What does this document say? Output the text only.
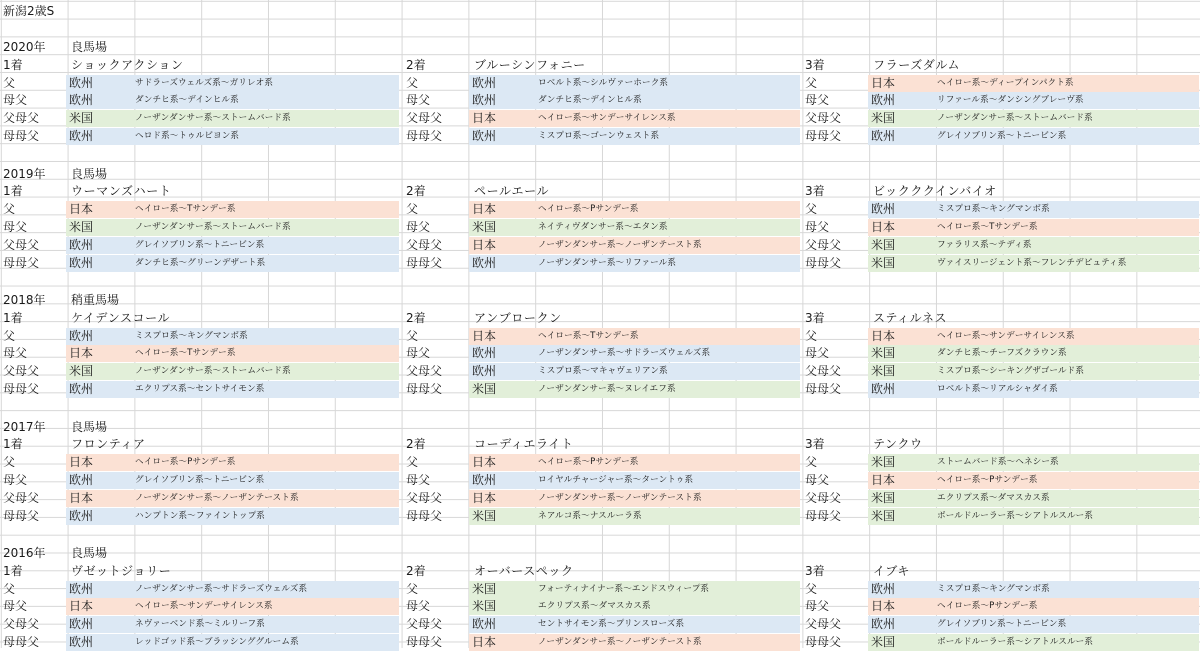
新潟2歳S
2020年 良馬場
1着	ショックアクション
父	欧州	サドラーズウェルズ系～ガリレオ系
母父	欧州	ダンチヒ系～デインヒル系
父母父 米国	ノーザンダンサー系～ストームバード系
母母父 欧州	ヘロド系～トゥルビヨン系
2着	ブルーシンフォニー
父	欧州	ロベルト系～シルヴァーホーク系
母父	欧州	ダンチヒ系～デインヒル系
父母父 日本	ヘイロー系～サンデーサイレンス系
母母父 欧州	ミスプロ系～ゴーンウェスト系
3着	フラーズダルム
父	日本	ヘイロー系～ディープインパクト系
母父	欧州	リファール系～ダンシングブレーヴ系
父母父 米国	ノーザンダンサー系～ストームバード系
母母父 欧州	グレイソブリン系～トニービン系
2019年 良馬場
1着	ウーマンズハート
父	日本	ヘイロー系～Tサンデー系
母父	米国	ノーザンダンサー系～ストームバード系
父母父 欧州	グレイソブリン系～トニービン系
母母父 欧州	ダンチヒ系～グリーンデザート系
2着	ペールエール
父	日本	ヘイロー系～Pサンデー系
母父	米国	ネイティヴダンサー系～エタン系
父母父 日本	ノーザンダンサー系～ノーザンテースト系
母母父 欧州	ノーザンダンサー系～リファール系
3着	ビックククインバイオ
父	欧州	ミスプロ系～キングマンボ系
母父	日本	ヘイロー系～Tサンデー系
父母父 米国	ファラリス系～テディ系
母母父 米国	ヴァイスリージェント系～フレンチデピュティ系
2018年 稍重馬場
1着	ケイデンスコール
父	欧州	ミスプロ系～キングマンボ系
母父	日本	ヘイロー系～Tサンデー系
父母父 米国	ノーザンダンサー系～ストームバード系
母母父 欧州	エクリプス系～セントサイモン系
2着	アンブロークン
父	日本	ヘイロー系～Tサンデー系
母父	欧州	ノーザンダンサー系～サドラーズウェルズ系
父母父 欧州	ミスプロ系～マキャヴェリアン系
母母父 米国	ノーザンダンサー系～ヌレイエフ系
3着	スティルネス
父	日本	ヘイロー系～サンデーサイレンス系
母父	米国	ダンチヒ系～チーフズクラウン系
父母父 米国	ミスプロ系～シーキングザゴールド系
母母父 欧州	ロベルト系～リアルシャダイ系
2017年 良馬場
1着	フロンティア
父	日本	ヘイロー系～Pサンデー系
母父	欧州	グレイソブリン系～トニービン系
父母父 日本	ノーザンダンサー系～ノーザンテースト系
母母父 欧州	ハンプトン系～ファイントップ系
2着	コーディエライト
父	日本	ヘイロー系～Pサンデー系
母父	欧州	ロイヤルチャージャー系～ターントゥ系
父母父 日本	ノーザンダンサー系～ノーザンテースト系
母母父 米国	ネアルコ系～ナスルーラ系
3着	テンクウ
父	米国	ストームバード系～ヘネシー系
母父	日本	ヘイロー系～Pサンデー系
父母父 米国	エクリプス系～ダマスカス系
母母父 米国	ボールドルーラー系～シアトルスルー系
2016年 良馬場
1着	ヴゼットジョリー
父	欧州	ノーザンダンサー系～サドラーズウェルズ系
母父	日本	ヘイロー系～サンデーサイレンス系
父母父 欧州	ネヴァーベンド系～ミルリーフ系
母母父 欧州	レッドゴッド系～ブラッシンググルーム系
2着	オーバースペック
父	米国	フォーティナイナー系～エンドスウィープ系
母父	米国	エクリプス系～ダマスカス系
父母父 欧州	セントサイモン系～プリンスローズ系
母母父 日本	ノーザンダンサー系～ノーザンテースト系
3着	イブキ
父	欧州	ミスプロ系～キングマンボ系
母父	日本	ヘイロー系～Pサンデー系
父母父 欧州	グレイソブリン系～トニービン系
母母父 米国	ボールドルーラー系～シアトルスルー系
